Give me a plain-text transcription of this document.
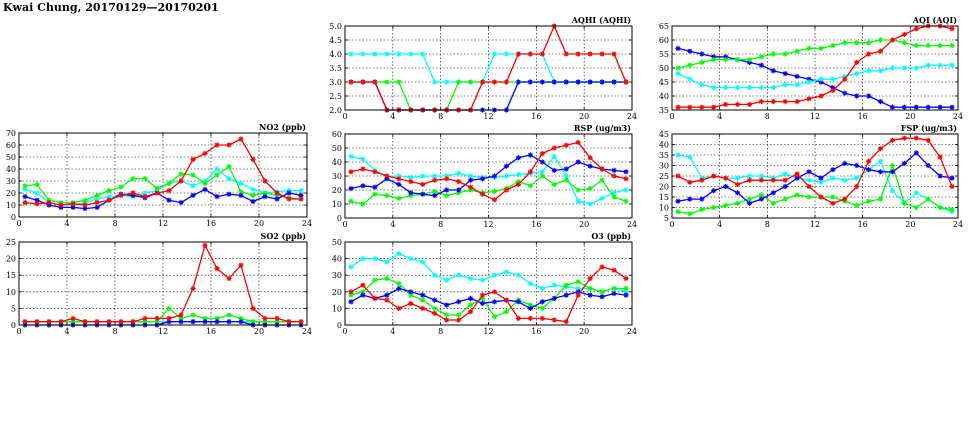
Kwai Chung, 20170129—20170201
0	4	8	12	16	20	24
2.0
2.5
3.0
3.5
4.0
4.5
5.0
AQHI (AQHI)
0	4	8	12	16	20	24
35
40
45
50
55
60
65
AQI (AQI)
0	4	8	12	16	20	24
0
10
20
30
40
50
60
70
NO2 (ppb)
0	4	8	12	16	20	24
0
10
20
30
40
50
60
RSP (ug/m3)
0	4	8	12	16	20	24
5
10
15
20
25
30
35
40
45
FSP (ug/m3)
0	4	8	12	16	20	24
0
5
10
15
20
25
SO2 (ppb)
0	4	8	12	16	20	24
0
10
20
30
40
50
O3 (ppb)
